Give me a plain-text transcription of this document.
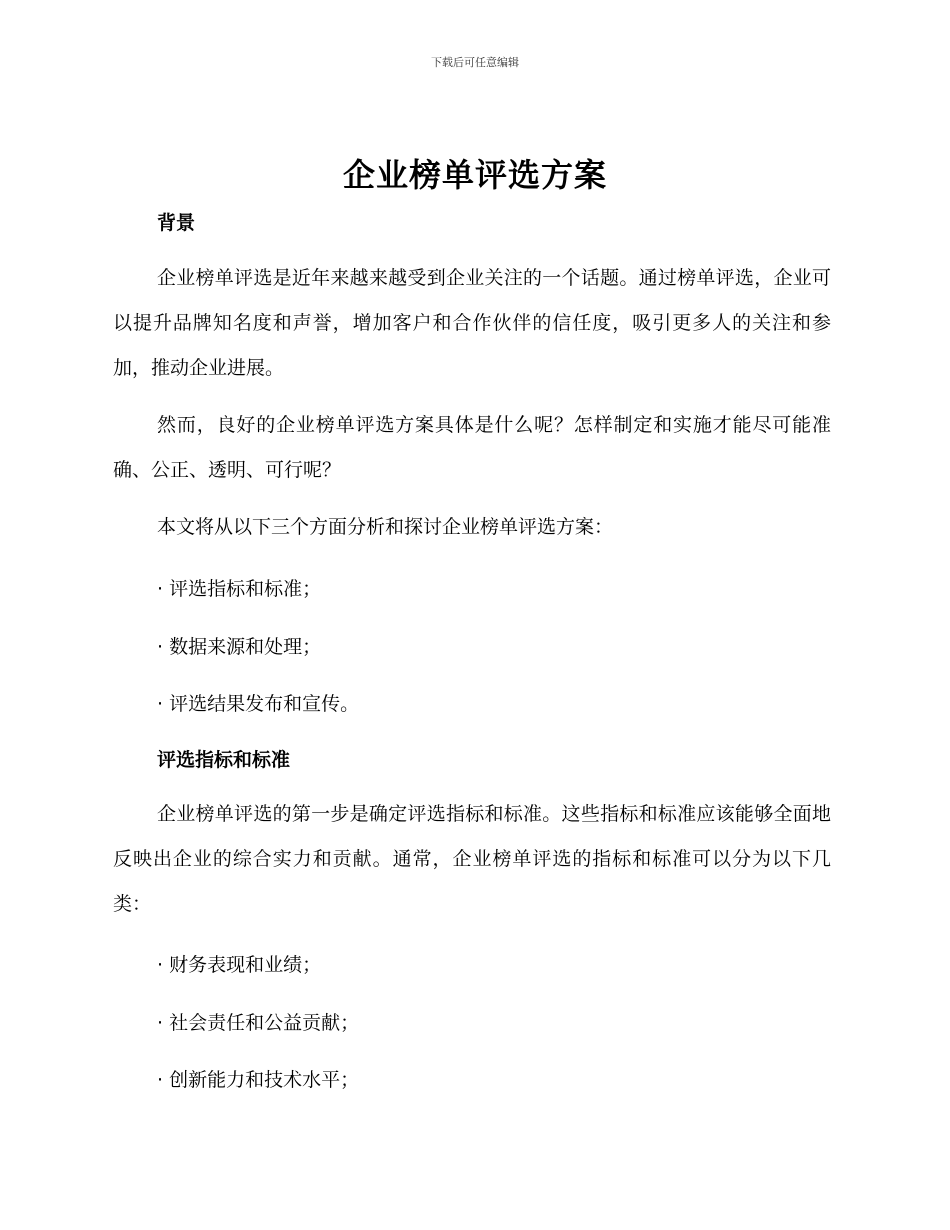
下载后可任意编辑
企业榜单评选方案
背景

企业榜单评选是近年来越来越受到企业关注的一个话题。通过榜单评选，企业可以提升品牌知名度和声誉，增加客户和合作伙伴的信任度，吸引更多人的关注和参加，推动企业进展。

然而，良好的企业榜单评选方案具体是什么呢？怎样制定和实施才能尽可能准确、公正、透明、可行呢？

本文将从以下三个方面分析和探讨企业榜单评选方案：

· 评选指标和标准；

· 数据来源和处理；

· 评选结果发布和宣传。

评选指标和标准

企业榜单评选的第一步是确定评选指标和标准。这些指标和标准应该能够全面地反映出企业的综合实力和贡献。通常，企业榜单评选的指标和标准可以分为以下几类：

· 财务表现和业绩；

· 社会责任和公益贡献；

· 创新能力和技术水平；
